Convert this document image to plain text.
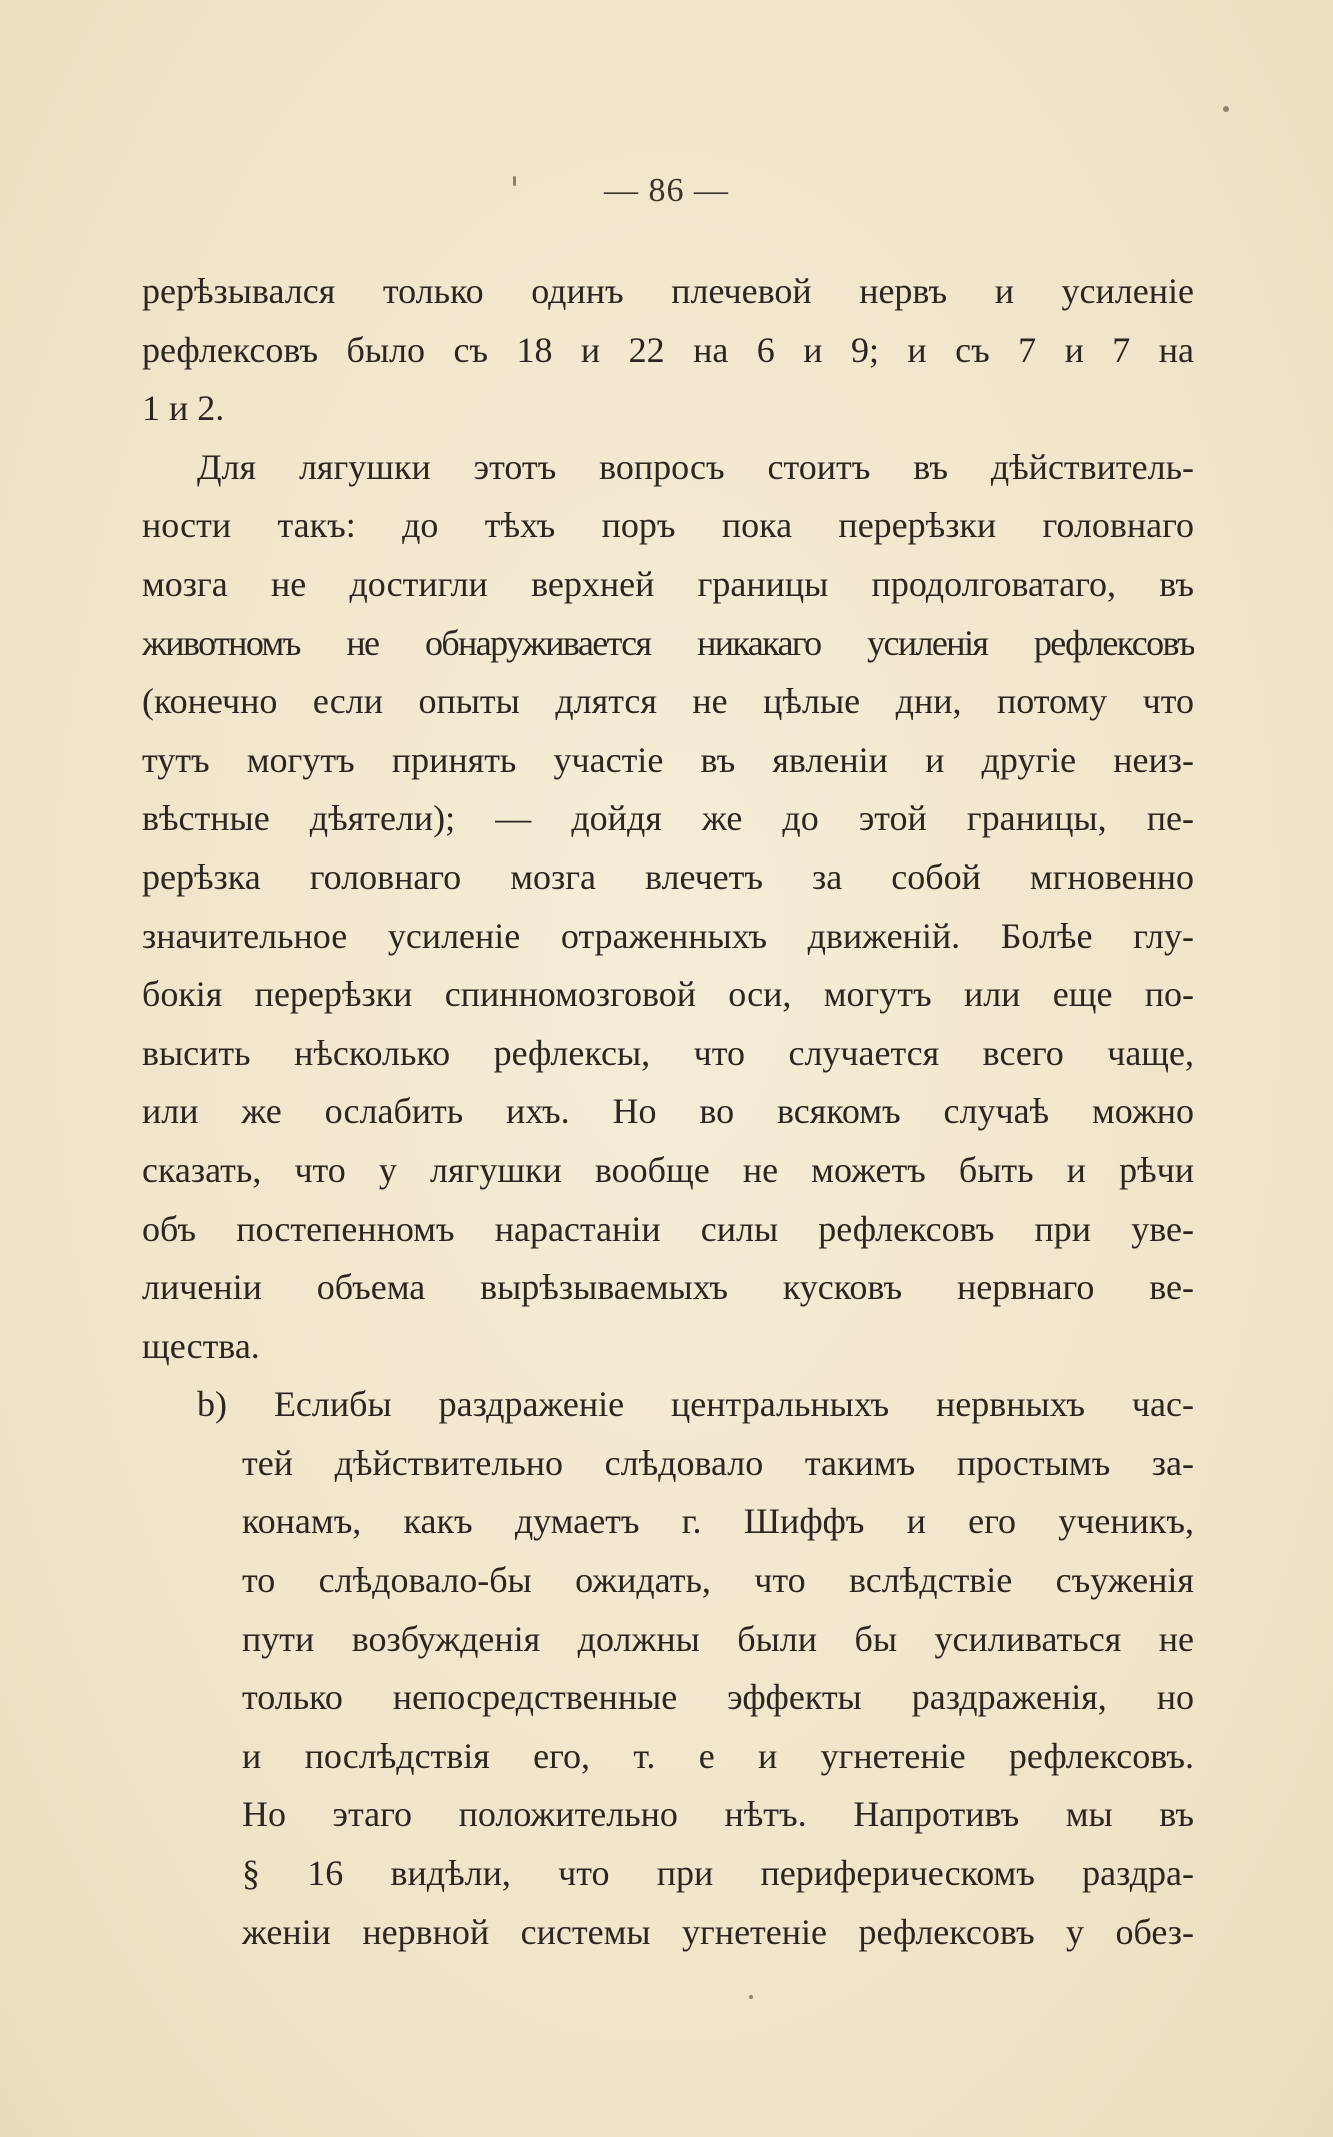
— 86 —
рерѣзывался только одинъ плечевой нервъ и усиленіе
рефлексовъ было съ 18 и 22 на 6 и 9; и съ 7 и 7 на
1 и 2.
Для лягушки этотъ вопросъ стоитъ въ дѣйствитель-
ности такъ: до тѣхъ поръ пока перерѣзки головнаго
мозга не достигли верхней границы продолговатаго, въ
животномъ не обнаруживается никакаго усиленія рефлексовъ
(конечно если опыты длятся не цѣлые дни, потому что
тутъ могутъ принять участіе въ явленіи и другіе неиз-
вѣстные дѣятели); — дойдя же до этой границы, пе-
рерѣзка головнаго мозга влечетъ за собой мгновенно
значительное усиленіе отраженныхъ движеній. Болѣе глу-
бокія перерѣзки спинномозговой оси, могутъ или еще по-
высить нѣсколько рефлексы, что случается всего чаще,
или же ослабить ихъ. Но во всякомъ случаѣ можно
сказать, что у лягушки вообще не можетъ быть и рѣчи
объ постепенномъ нарастаніи силы рефлексовъ при уве-
личеніи объема вырѣзываемыхъ кусковъ нервнаго ве-
щества.
b) Еслибы раздраженіе центральныхъ нервныхъ час-
тей дѣйствительно слѣдовало такимъ простымъ за-
конамъ, какъ думаетъ г. Шиффъ и его ученикъ,
то слѣдовало-бы ожидать, что вслѣдствіе съуженія
пути возбужденія должны были бы усиливаться не
только непосредственные эффекты раздраженія, но
и послѣдствія его, т. е и угнетеніе рефлексовъ.
Но этаго положительно нѣтъ. Напротивъ мы въ
§ 16 видѣли, что при периферическомъ раздра-
женіи нервной системы угнетеніе рефлексовъ у обез-
